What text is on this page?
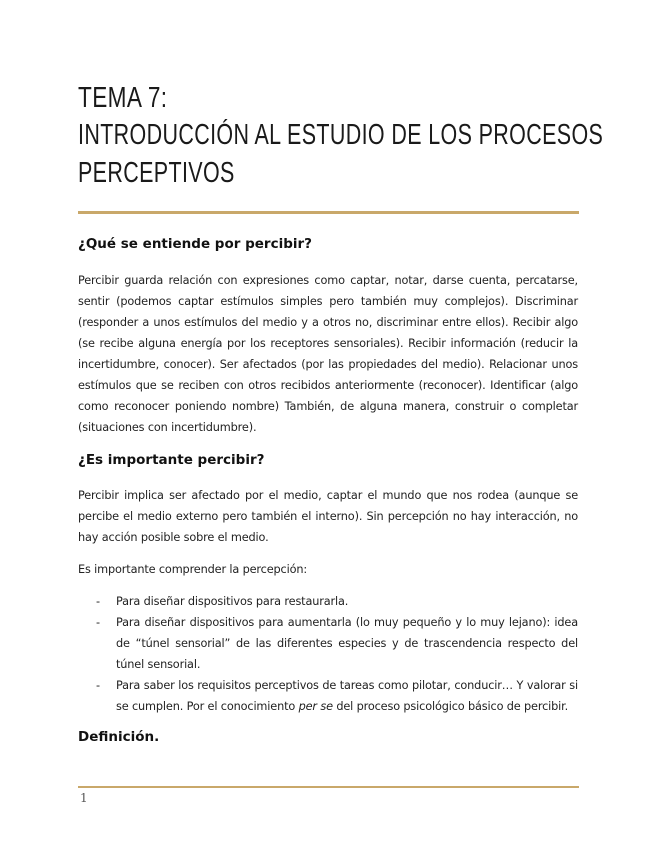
TEMA 7:
INTRODUCCIÓN AL ESTUDIO DE LOS PROCESOS
PERCEPTIVOS
¿Qué se entiende por percibir?

Percibir guarda relación con expresiones como captar, notar, darse cuenta, percatarse, sentir (podemos captar estímulos simples pero también muy complejos). Discriminar (responder a unos estímulos del medio y a otros no, discriminar entre ellos). Recibir algo (se recibe alguna energía por los receptores sensoriales). Recibir información (reducir la incertidumbre, conocer). Ser afectados (por las propiedades del medio). Relacionar unos estímulos que se reciben con otros recibidos anteriormente (reconocer). Identificar (algo como reconocer poniendo nombre) También, de alguna manera, construir o completar (situaciones con incertidumbre).

¿Es importante percibir?

Percibir implica ser afectado por el medio, captar el mundo que nos rodea (aunque se percibe el medio externo pero también el interno). Sin percepción no hay interacción, no hay acción posible sobre el medio.

Es importante comprender la percepción:

- Para diseñar dispositivos para restaurarla.
- Para diseñar dispositivos para aumentarla (lo muy pequeño y lo muy lejano): idea de “túnel sensorial” de las diferentes especies y de trascendencia respecto del túnel sensorial.
- Para saber los requisitos perceptivos de tareas como pilotar, conducir… Y valorar si se cumplen. Por el conocimiento per se del proceso psicológico básico de percibir.
Definición.
1
